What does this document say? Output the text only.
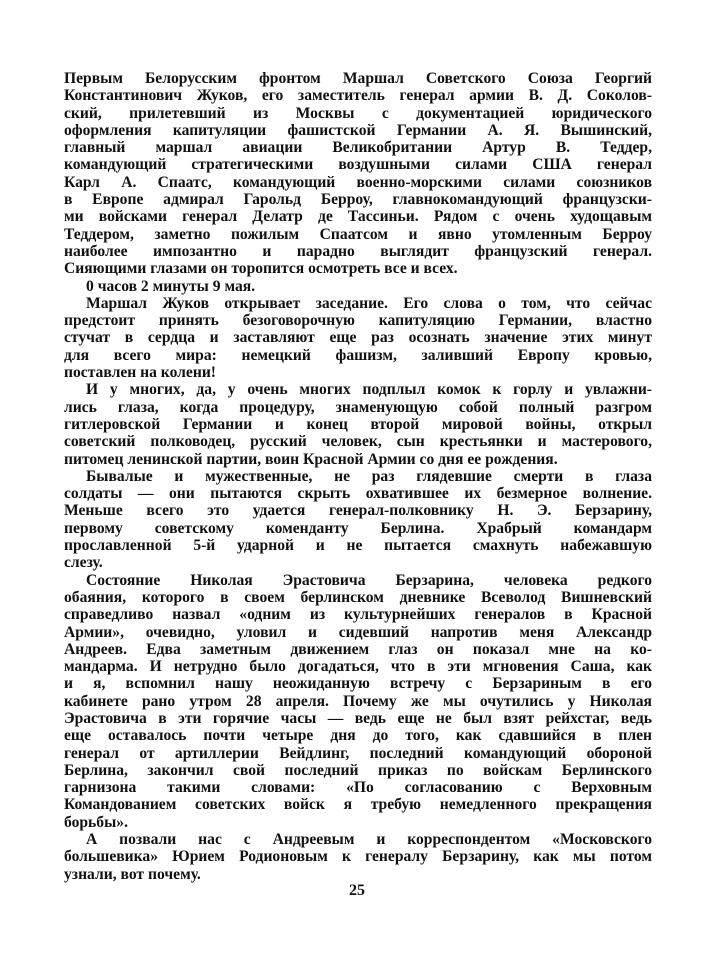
Первым Белорусским фронтом Маршал Советского Союза Георгий
Константинович Жуков, его заместитель генерал армии В. Д. Соколов-
ский, прилетевший из Москвы с документацией юридического
оформления капитуляции фашистской Германии А. Я. Вышинский,
главный маршал авиации Великобритании Артур В. Теддер,
командующий стратегическими воздушными силами США генерал
Карл А. Спаатс, командующий военно-морскими силами союзников
в Европе адмирал Гарольд Берроу, главнокомандующий французски-
ми войсками генерал Делатр де Тассиньи. Рядом с очень худощавым
Теддером, заметно пожилым Спаатсом и явно утомленным Берроу
наиболее импозантно и парадно выглядит французский генерал.
Сияющими глазами он торопится осмотреть все и всех.
0 часов 2 минуты 9 мая.
Маршал Жуков открывает заседание. Его слова о том, что сейчас
предстоит принять безоговорочную капитуляцию Германии, властно
стучат в сердца и заставляют еще раз осознать значение этих минут
для всего мира: немецкий фашизм, заливший Европу кровью,
поставлен на колени!
И у многих, да, у очень многих подплыл комок к горлу и увлажни-
лись глаза, когда процедуру, знаменующую собой полный разгром
гитлеровской Германии и конец второй мировой войны, открыл
советский полководец, русский человек, сын крестьянки и мастерового,
питомец ленинской партии, воин Красной Армии со дня ее рождения.
Бывалые и мужественные, не раз глядевшие смерти в глаза
солдаты — они пытаются скрыть охватившее их безмерное волнение.
Меньше всего это удается генерал-полковнику Н. Э. Берзарину,
первому советскому коменданту Берлина. Храбрый командарм
прославленной 5-й ударной и не пытается смахнуть набежавшую
слезу.
Состояние Николая Эрастовича Берзарина, человека редкого
обаяния, которого в своем берлинском дневнике Всеволод Вишневский
справедливо назвал «одним из культурнейших генералов в Красной
Армии», очевидно, уловил и сидевший напротив меня Александр
Андреев. Едва заметным движением глаз он показал мне на ко-
мандарма. И нетрудно было догадаться, что в эти мгновения Саша, как
и я, вспомнил нашу неожиданную встречу с Берзариным в его
кабинете рано утром 28 апреля. Почему же мы очутились у Николая
Эрастовича в эти горячие часы — ведь еще не был взят рейхстаг, ведь
еще оставалось почти четыре дня до того, как сдавшийся в плен
генерал от артиллерии Вейдлинг, последний командующий обороной
Берлина, закончил свой последний приказ по войскам Берлинского
гарнизона такими словами: «По согласованию с Верховным
Командованием советских войск я требую немедленного прекращения
борьбы».
А позвали нас с Андреевым и корреспондентом «Московского
большевика» Юрием Родионовым к генералу Берзарину, как мы потом
узнали, вот почему.
25
